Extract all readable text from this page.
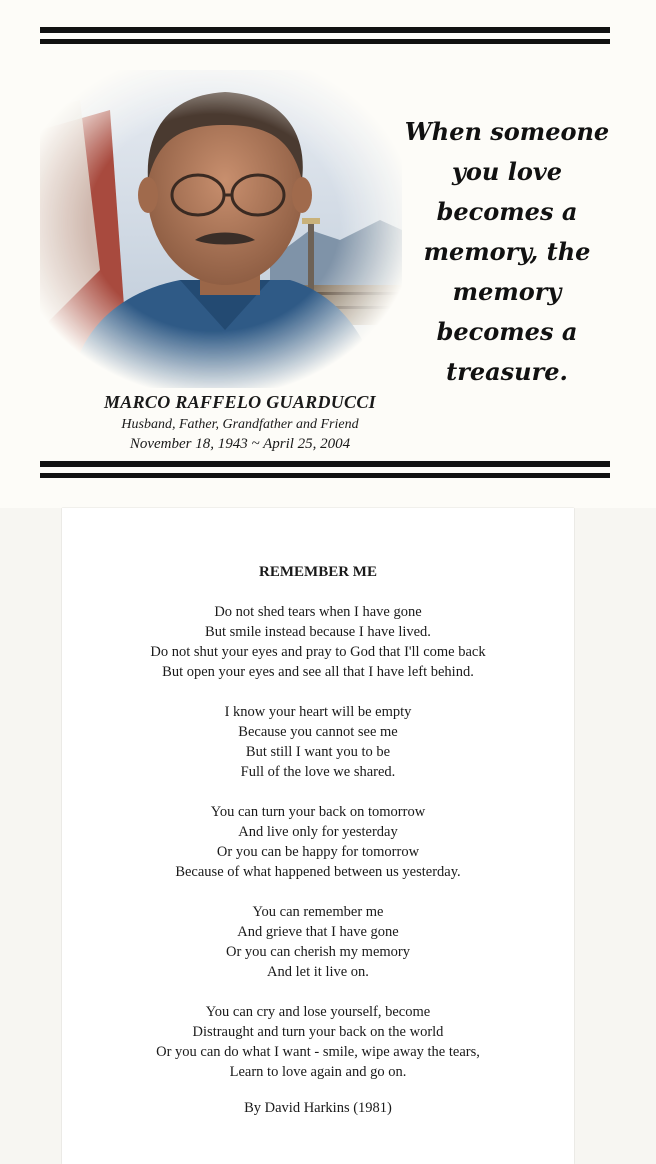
MARCO RAFFELO GUARDUCCI
Husband, Father, Grandfather and Friend
November 18, 1943 ~ April 25, 2004
When someone
you love
becomes a
memory, the
memory
becomes a
treasure.
REMEMBER ME
Do not shed tears when I have gone
But smile instead because I have lived.
Do not shut your eyes and pray to God that I'll come back
But open your eyes and see all that I have left behind.
I know your heart will be empty
Because you cannot see me
But still I want you to be
Full of the love we shared.
You can turn your back on tomorrow
And live only for yesterday
Or you can be happy for tomorrow
Because of what happened between us yesterday.
You can remember me
And grieve that I have gone
Or you can cherish my memory
And let it live on.
You can cry and lose yourself, become
Distraught and turn your back on the world
Or you can do what I want - smile, wipe away the tears,
Learn to love again and go on.
By David Harkins (1981)
